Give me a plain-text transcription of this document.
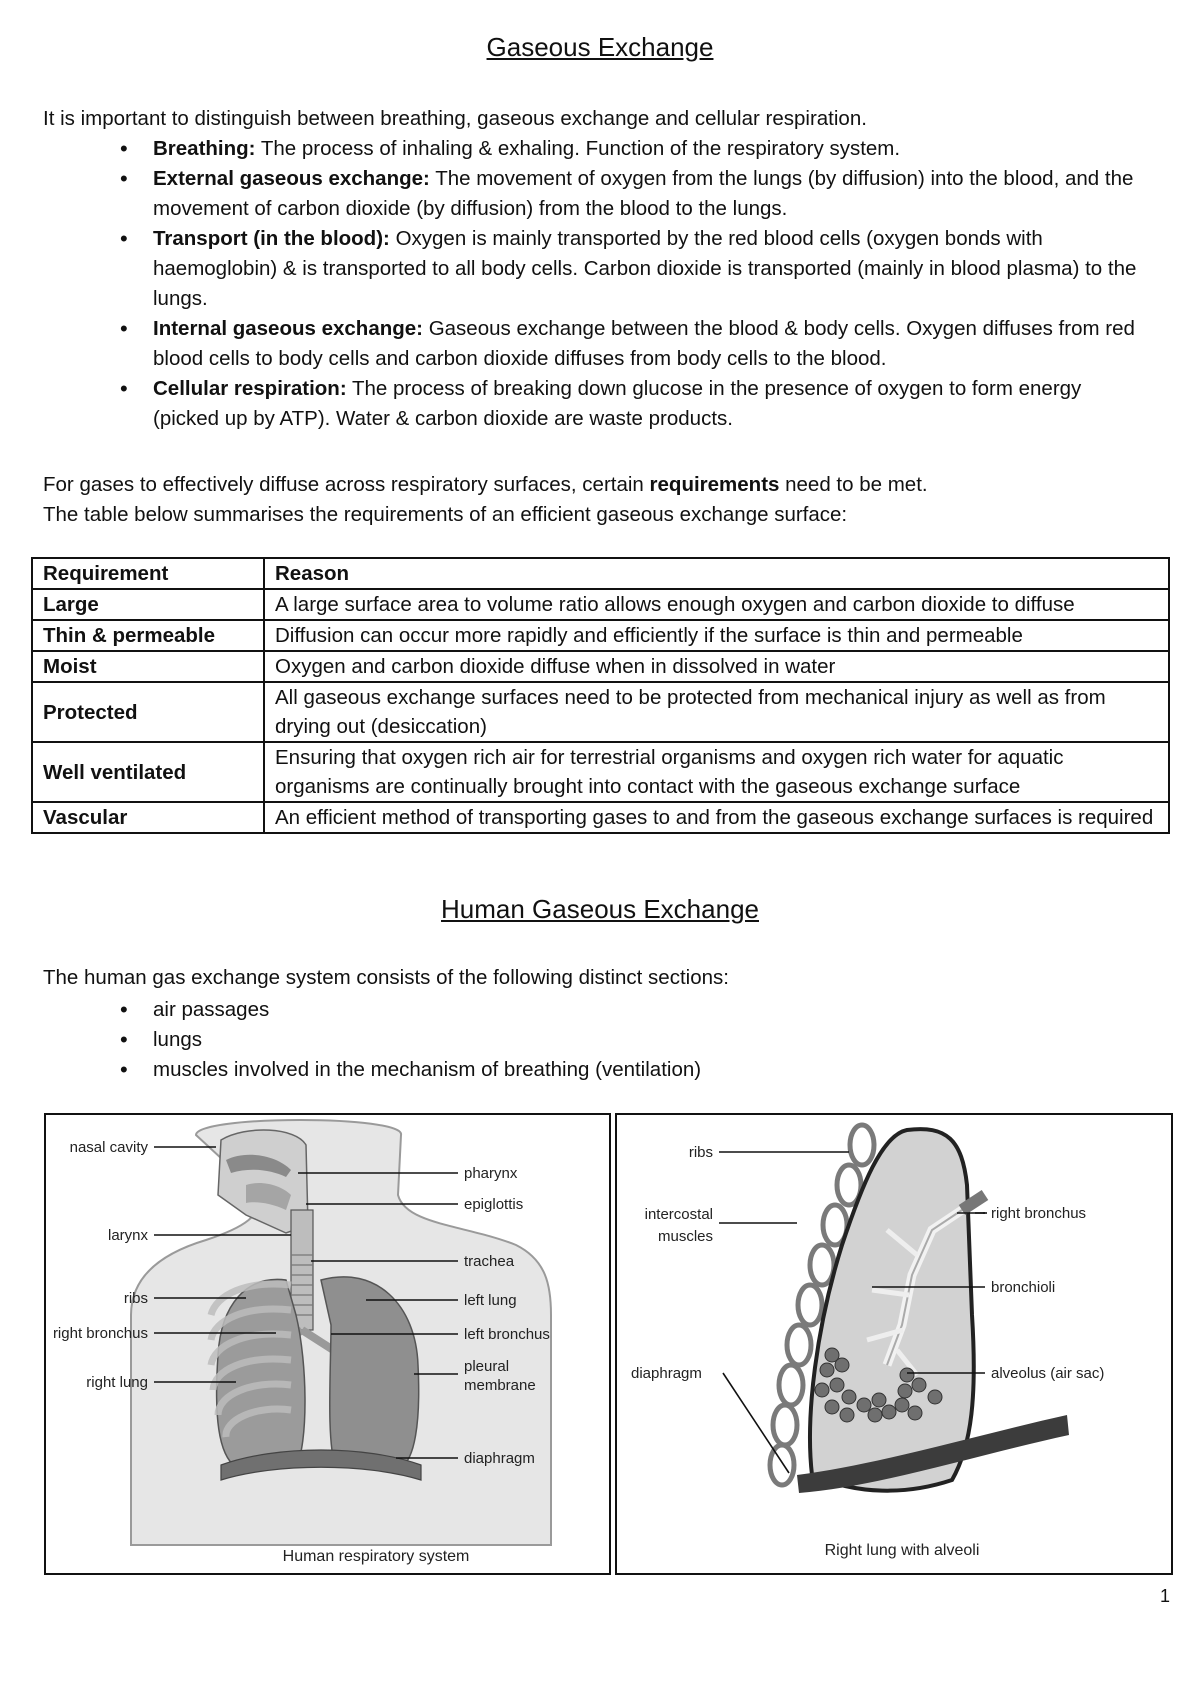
Gaseous Exchange
It is important to distinguish between breathing, gaseous exchange and cellular respiration.
• Breathing: The process of inhaling & exhaling. Function of the respiratory system.
• External gaseous exchange: The movement of oxygen from the lungs (by diffusion) into the blood, and the movement of carbon dioxide (by diffusion) from the blood to the lungs.
• Transport (in the blood): Oxygen is mainly transported by the red blood cells (oxygen bonds with haemoglobin) & is transported to all body cells. Carbon dioxide is transported (mainly in blood plasma) to the lungs.
• Internal gaseous exchange: Gaseous exchange between the blood & body cells. Oxygen diffuses from red blood cells to body cells and carbon dioxide diffuses from body cells to the blood.
• Cellular respiration: The process of breaking down glucose in the presence of oxygen to form energy (picked up by ATP). Water & carbon dioxide are waste products.
For gases to effectively diffuse across respiratory surfaces, certain requirements need to be met.
The table below summarises the requirements of an efficient gaseous exchange surface:
Requirement	Reason
Large	A large surface area to volume ratio allows enough oxygen and carbon dioxide to diffuse
Thin & permeable	Diffusion can occur more rapidly and efficiently if the surface is thin and permeable
Moist	Oxygen and carbon dioxide diffuse when in dissolved in water
Protected	All gaseous exchange surfaces need to be protected from mechanical injury as well as from drying out (desiccation)
Well ventilated	Ensuring that oxygen rich air for terrestrial organisms and oxygen rich water for aquatic organisms are continually brought into contact with the gaseous exchange surface
Vascular	An efficient method of transporting gases to and from the gaseous exchange surfaces is required
Human Gaseous Exchange
The human gas exchange system consists of the following distinct sections:
• air passages
• lungs
• muscles involved in the mechanism of breathing (ventilation)
nasal cavity
larynx
ribs
right bronchus
right lung
pharynx
epiglottis
trachea
left lung
left bronchus
pleural
membrane
diaphragm
Human respiratory system
ribs
intercostal
muscles
diaphragm
right bronchus
bronchioli
alveolus (air sac)
Right lung with alveoli
1
